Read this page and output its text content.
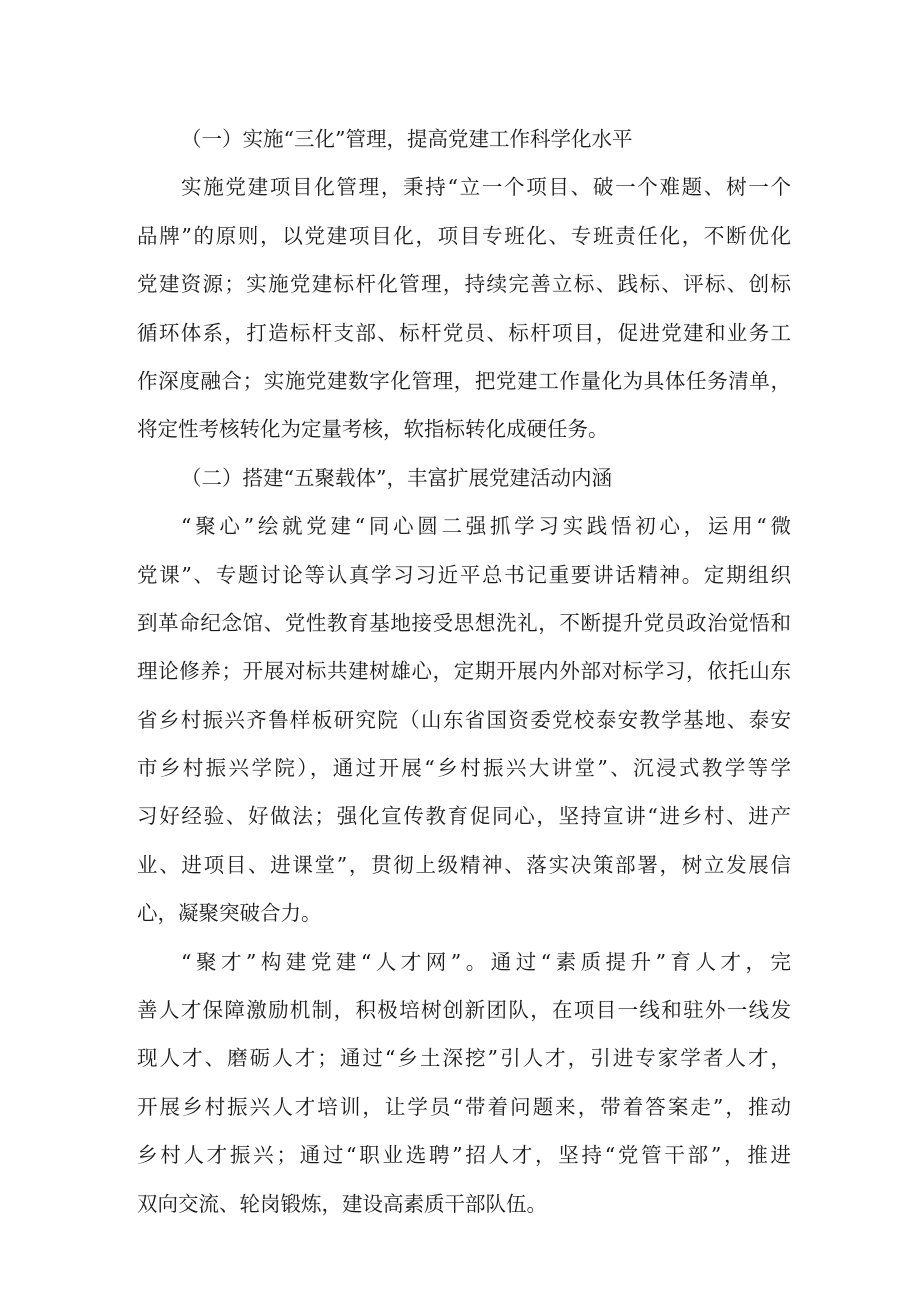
（一）实施“三化”管理，提高党建工作科学化水平
实施党建项目化管理，秉持“立一个项目、破一个难题、树一个
品牌”的原则，以党建项目化，项目专班化、专班责任化，不断优化
党建资源；实施党建标杆化管理，持续完善立标、践标、评标、创标
循环体系，打造标杆支部、标杆党员、标杆项目，促进党建和业务工
作深度融合；实施党建数字化管理，把党建工作量化为具体任务清单，
将定性考核转化为定量考核，软指标转化成硬任务。
（二）搭建“五聚载体”，丰富扩展党建活动内涵
“聚心”绘就党建“同心圆二强抓学习实践悟初心，运用“微
党课”、专题讨论等认真学习习近平总书记重要讲话精神。定期组织
到革命纪念馆、党性教育基地接受思想洗礼，不断提升党员政治觉悟和
理论修养；开展对标共建树雄心，定期开展内外部对标学习，依托山东
省乡村振兴齐鲁样板研究院（山东省国资委党校泰安教学基地、泰安
市乡村振兴学院），通过开展“乡村振兴大讲堂”、沉浸式教学等学
习好经验、好做法；强化宣传教育促同心，坚持宣讲“进乡村、进产
业、进项目、进课堂”，贯彻上级精神、落实决策部署，树立发展信
心，凝聚突破合力。
“聚才”构建党建“人才网”。通过“素质提升”育人才，完
善人才保障激励机制，积极培树创新团队，在项目一线和驻外一线发
现人才、磨砺人才；通过“乡土深挖”引人才，引进专家学者人才，
开展乡村振兴人才培训，让学员“带着问题来，带着答案走”，推动
乡村人才振兴；通过“职业选聘”招人才，坚持“党管干部”，推进
双向交流、轮岗锻炼，建设高素质干部队伍。
